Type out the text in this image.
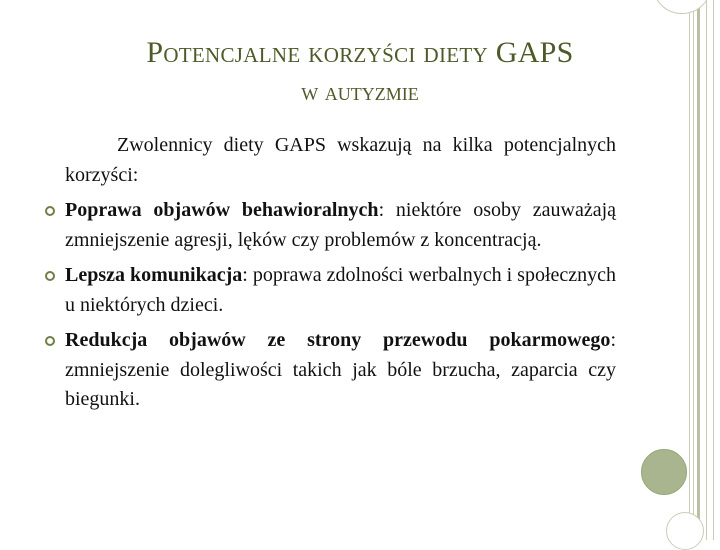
Potencjalne korzyści diety GAPS
w autyzmie

Zwolennicy diety GAPS wskazują na kilka potencjalnych korzyści:

Poprawa objawów behawioralnych: niektóre osoby zauważają zmniejszenie agresji, lęków czy problemów z koncentracją.

Lepsza komunikacja: poprawa zdolności werbalnych i społecznych u niektórych dzieci.

Redukcja objawów ze strony przewodu pokarmowego: zmniejszenie dolegliwości takich jak bóle brzucha, zaparcia czy biegunki.
